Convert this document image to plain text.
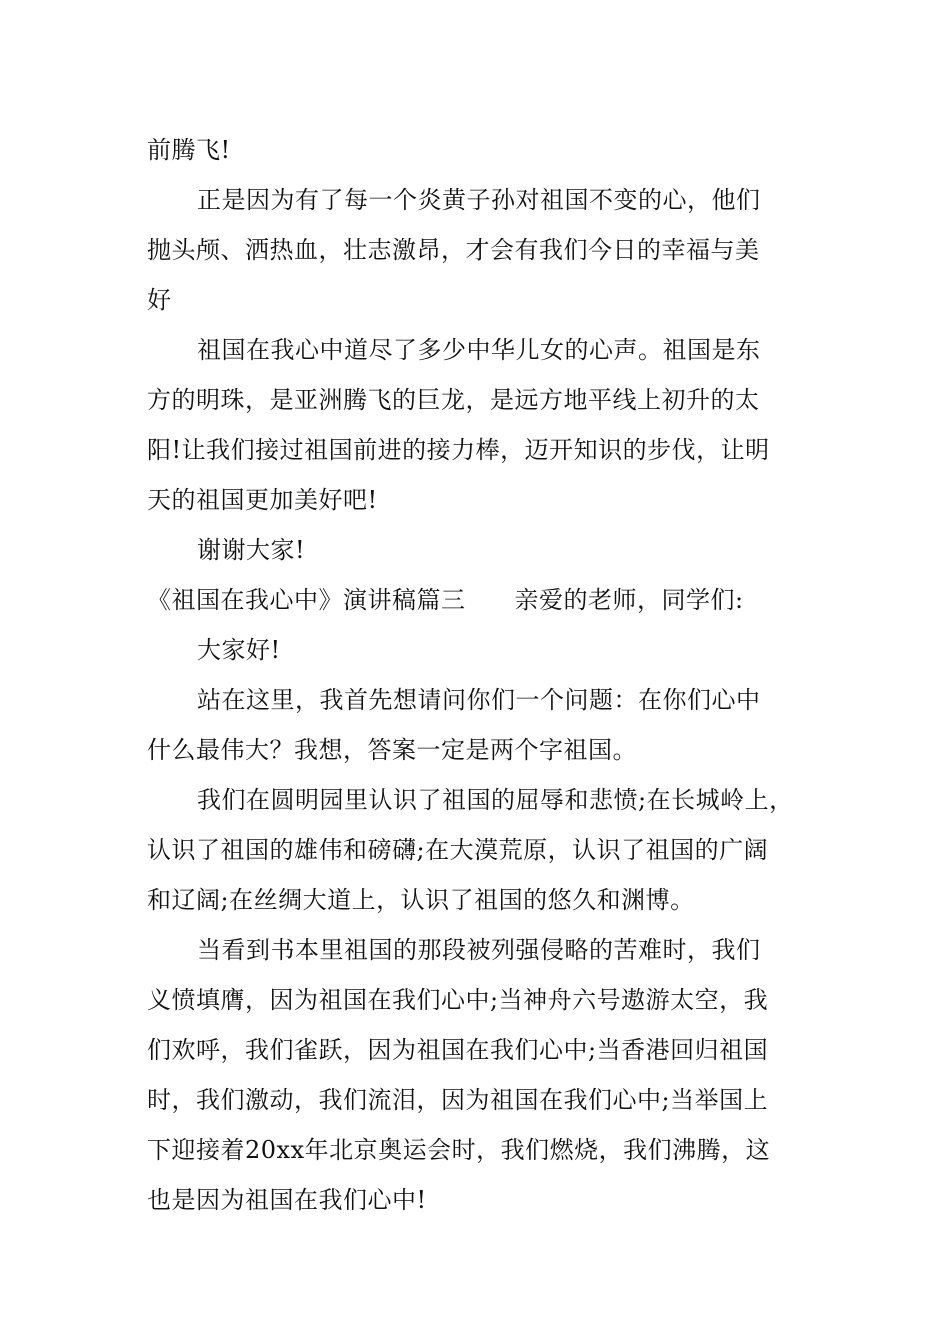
前腾飞!
正是因为有了每一个炎黄子孙对祖国不变的心，他们
抛头颅、洒热血，壮志激昂，才会有我们今日的幸福与美
好
祖国在我心中道尽了多少中华儿女的心声。祖国是东
方的明珠，是亚洲腾飞的巨龙，是远方地平线上初升的太
阳!让我们接过祖国前进的接力棒，迈开知识的步伐，让明
天的祖国更加美好吧!
谢谢大家!
《祖国在我心中》演讲稿篇三　　亲爱的老师，同学们:
大家好!
站在这里，我首先想请问你们一个问题：在你们心中
什么最伟大？我想，答案一定是两个字祖国。
我们在圆明园里认识了祖国的屈辱和悲愤;在长城岭上，
认识了祖国的雄伟和磅礴;在大漠荒原，认识了祖国的广阔
和辽阔;在丝绸大道上，认识了祖国的悠久和渊博。
当看到书本里祖国的那段被列强侵略的苦难时，我们
义愤填膺，因为祖国在我们心中;当神舟六号遨游太空，我
们欢呼，我们雀跃，因为祖国在我们心中;当香港回归祖国
时，我们激动，我们流泪，因为祖国在我们心中;当举国上
下迎接着20xx年北京奥运会时，我们燃烧，我们沸腾，这
也是因为祖国在我们心中!
